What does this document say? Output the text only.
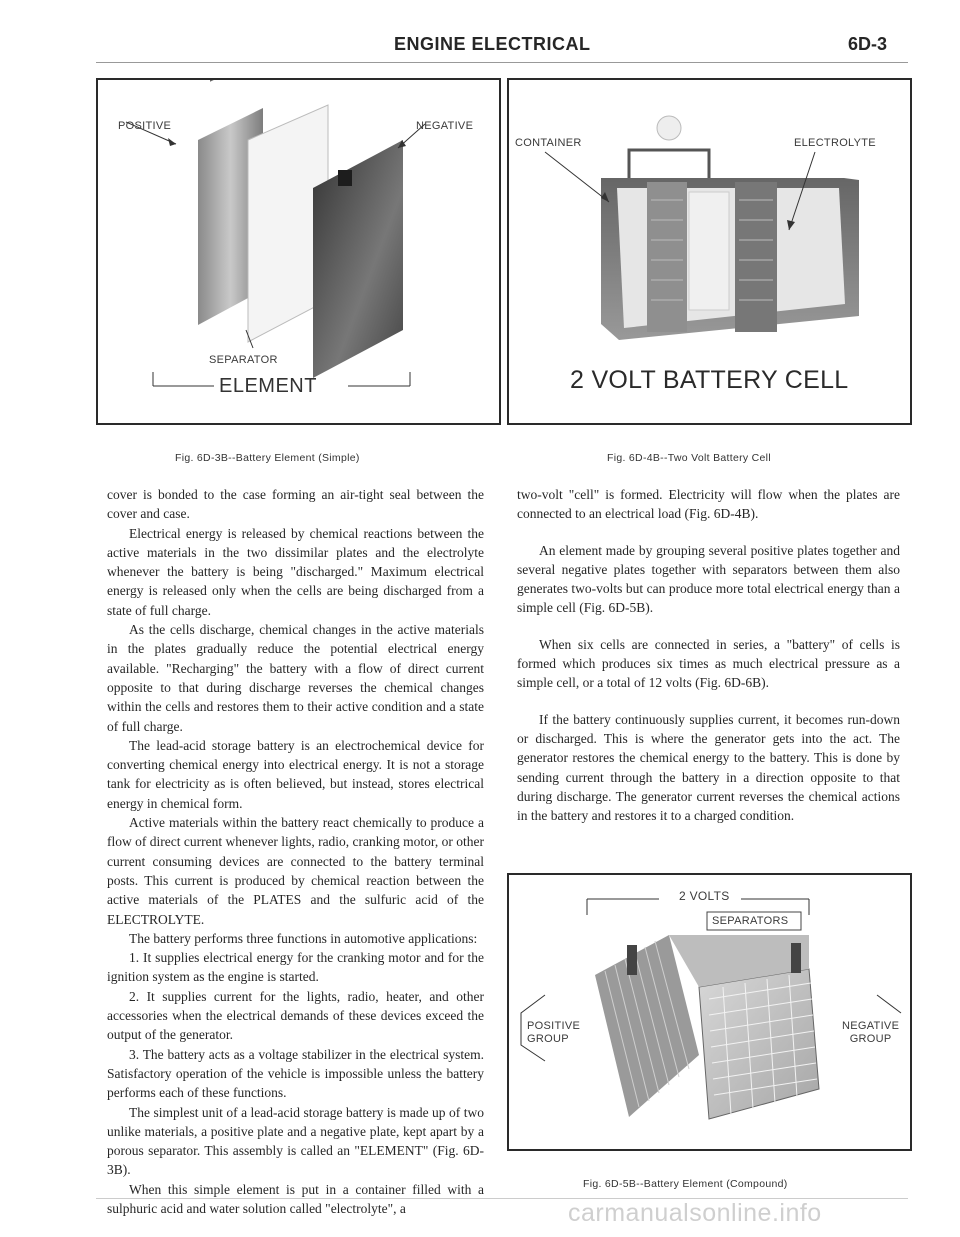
ENGINE ELECTRICAL	6D-3
POSITIVE	NEGATIVE
SEPARATOR
ELEMENT
Fig. 6D-3B--Battery Element (Simple)
CONTAINER	ELECTROLYTE
2 VOLT BATTERY CELL
Fig. 6D-4B--Two Volt Battery Cell

cover is bonded to the case forming an air-tight seal between the cover and case.

Electrical energy is released by chemical reactions between the active materials in the two dissimilar plates and the electrolyte whenever the battery is being "discharged." Maximum electrical energy is released only when the cells are being discharged from a state of full charge.

As the cells discharge, chemical changes in the active materials in the plates gradually reduce the potential electrical energy available. "Recharging" the battery with a flow of direct current opposite to that during discharge reverses the chemical changes within the cells and restores them to their active condition and a state of full charge.

The lead-acid storage battery is an electrochemical device for converting chemical energy into electrical energy. It is not a storage tank for electricity as is often believed, but instead, stores electrical energy in chemical form.

Active materials within the battery react chemically to produce a flow of direct current whenever lights, radio, cranking motor, or other current consuming devices are connected to the battery terminal posts. This current is produced by chemical reaction between the active materials of the PLATES and the sulfuric acid of the ELECTROLYTE.

The battery performs three functions in automotive applications:

1. It supplies electrical energy for the cranking motor and for the ignition system as the engine is started.

2. It supplies current for the lights, radio, heater, and other accessories when the electrical demands of these devices exceed the output of the generator.

3. The battery acts as a voltage stabilizer in the electrical system. Satisfactory operation of the vehicle is impossible unless the battery performs each of these functions.

The simplest unit of a lead-acid storage battery is made up of two unlike materials, a positive plate and a negative plate, kept apart by a porous separator. This assembly is called an "ELEMENT" (Fig. 6D-3B).

When this simple element is put in a container filled with a sulphuric acid and water solution called "electrolyte", a

two-volt "cell" is formed. Electricity will flow when the plates are connected to an electrical load (Fig. 6D-4B).

An element made by grouping several positive plates together and several negative plates together with separators between them also generates two-volts but can produce more total electrical energy than a simple cell (Fig. 6D-5B).

When six cells are connected in series, a "battery" of cells is formed which produces six times as much electrical pressure as a simple cell, or a total of 12 volts (Fig. 6D-6B).

If the battery continuously supplies current, it becomes run-down or discharged. This is where the generator gets into the act. The generator restores the chemical energy to the battery. This is done by sending current through the battery in a direction opposite to that during discharge. The generator current reverses the chemical actions in the battery and restores it to a charged condition.

2 VOLTS
SEPARATORS
POSITIVE
GROUP
NEGATIVE
GROUP
Fig. 6D-5B--Battery Element (Compound)
carmanualsonline.info
